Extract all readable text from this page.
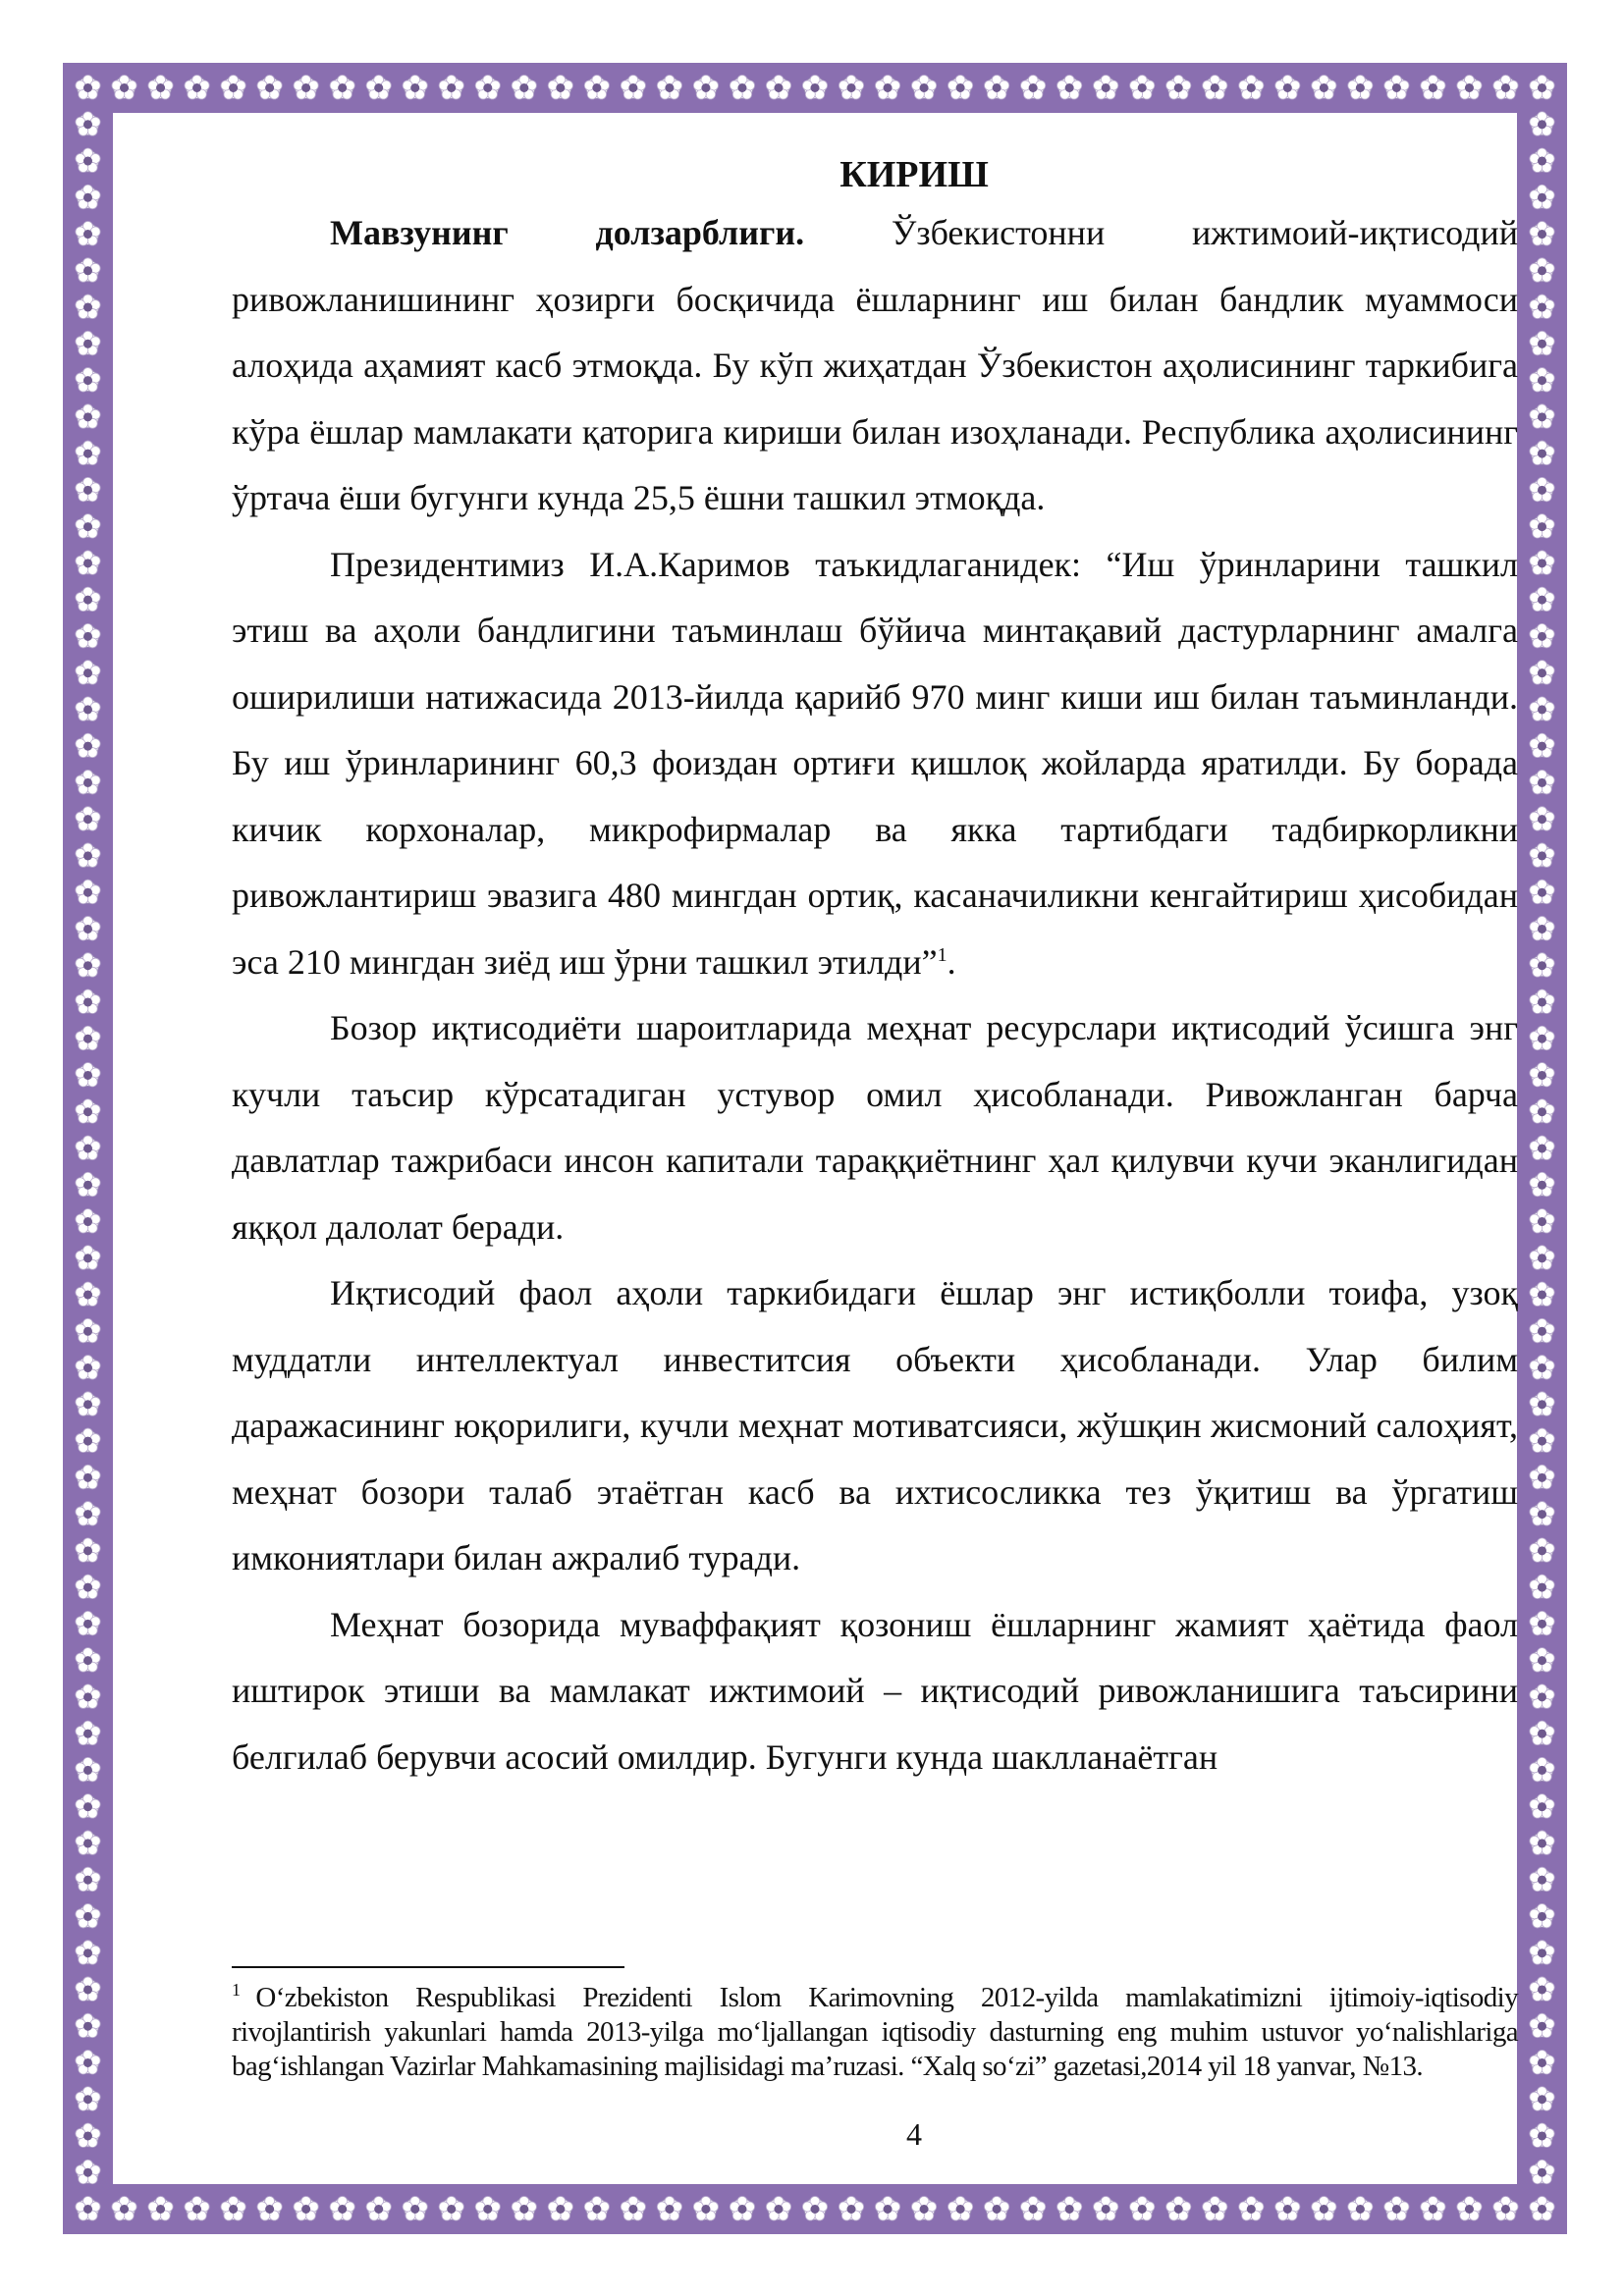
КИРИШ

Мавзунинг долзарблиги. Ўзбекистонни ижтимоий-иқтисодий ривожланишининг ҳозирги босқичида ёшларнинг иш билан бандлик муаммоси алоҳида аҳамият касб этмоқда. Бу кўп жиҳатдан Ўзбекистон аҳолисининг таркибига кўра ёшлар мамлакати қаторига кириши билан изоҳланади. Республика аҳолисининг ўртача ёши бугунги кунда 25,5 ёшни ташкил этмоқда.

Президентимиз И.А.Каримов таъкидлаганидек: “Иш ўринларини ташкил этиш ва аҳоли бандлигини таъминлаш бўйича минтақавий дастурларнинг амалга оширилиши натижасида 2013-йилда қарийб 970 минг киши иш билан таъминланди. Бу иш ўринларининг 60,3 фоиздан ортиғи қишлоқ жойларда яратилди. Бу борада кичик корхоналар, микрофирмалар ва якка тартибдаги тадбиркорликни ривожлантириш эвазига 480 мингдан ортиқ, касаначиликни кенгайтириш ҳисобидан эса 210 мингдан зиёд иш ўрни ташкил этилди”$^1$.

Бозор иқтисодиёти шароитларида меҳнат ресурслари иқтисодий ўсишга энг кучли таъсир кўрсатадиган устувор омил ҳисобланади. Ривожланган барча давлатлар тажрибаси инсон капитали тараққиётнинг ҳал қилувчи кучи эканлигидан яққол далолат беради.

Иқтисодий фаол аҳоли таркибидаги ёшлар энг истиқболли тоифа, узоқ муддатли интеллектуал инвеститсия объекти ҳисобланади. Улар билим даражасининг юқорилиги, кучли меҳнат мотиватсияси, жўшқин жисмоний салоҳият, меҳнат бозори талаб этаётган касб ва ихтисосликка тез ўқитиш ва ўргатиш имкониятлари билан ажралиб туради.

Меҳнат бозорида муваффақият қозониш ёшларнинг жамият ҳаётида фаол иштирок этиши ва мамлакат ижтимоий – иқтисодий ривожланишига таъсирини белгилаб берувчи асосий омилдир. Бугунги кунда шаклланаётган

$^1$ O‘zbekiston Respublikasi Prezidenti Islom Karimovning 2012-yilda mamlakatimizni ijtimoiy-iqtisodiy rivojlantirish yakunlari hamda 2013-yilga mo‘ljallangan iqtisodiy dasturning eng muhim ustuvor yo‘nalishlariga bag‘ishlangan Vazirlar Mahkamasining majlisidagi ma’ruzasi. “Xalq so‘zi” gazetasi,2014 yil 18 yanvar, №13.
4
